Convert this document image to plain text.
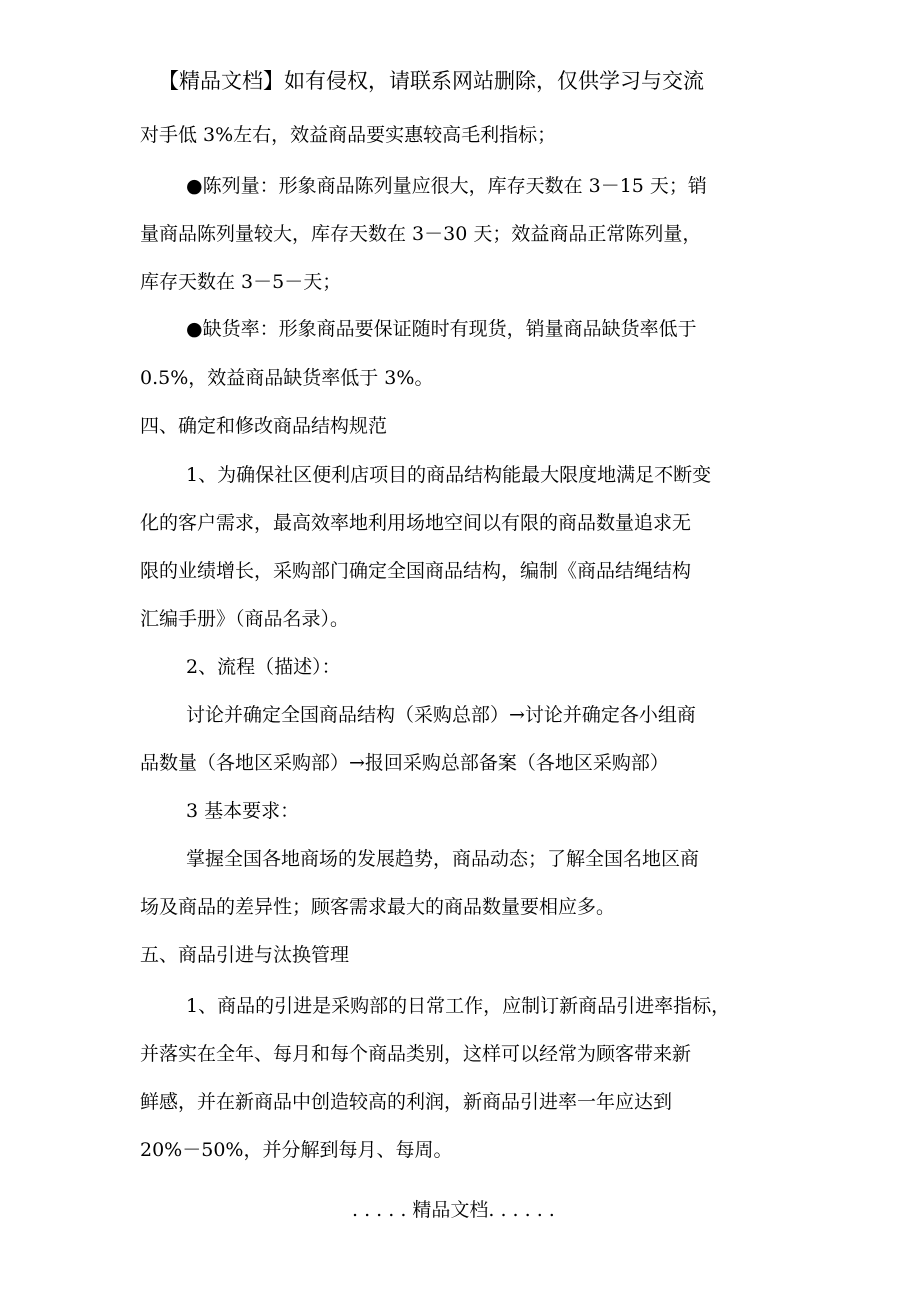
【精品文档】如有侵权，请联系网站删除，仅供学习与交流

对手低 3%左右，效益商品要实惠较高毛利指标；

●陈列量：形象商品陈列量应很大，库存天数在 3－15 天；销

量商品陈列量较大，库存天数在 3－30 天；效益商品正常陈列量，

库存天数在 3－5－天；

●缺货率：形象商品要保证随时有现货，销量商品缺货率低于

0.5%，效益商品缺货率低于 3%。

四、确定和修改商品结构规范

1、为确保社区便利店项目的商品结构能最大限度地满足不断变

化的客户需求，最高效率地利用场地空间以有限的商品数量追求无

限的业绩增长，采购部门确定全国商品结构，编制《商品结绳结构

汇编手册》（商品名录）。

2、流程（描述）：

讨论并确定全国商品结构（采购总部）→讨论并确定各小组商

品数量（各地区采购部）→报回采购总部备案（各地区采购部）

3 基本要求：

掌握全国各地商场的发展趋势，商品动态；了解全国名地区商

场及商品的差异性；顾客需求最大的商品数量要相应多。

五、商品引进与汰换管理

1、商品的引进是采购部的日常工作，应制订新商品引进率指标，

并落实在全年、每月和每个商品类别，这样可以经常为顾客带来新

鲜感，并在新商品中创造较高的利润，新商品引进率一年应达到

20%－50%，并分解到每月、每周。

. . . . . 精品文档. . . . . .
